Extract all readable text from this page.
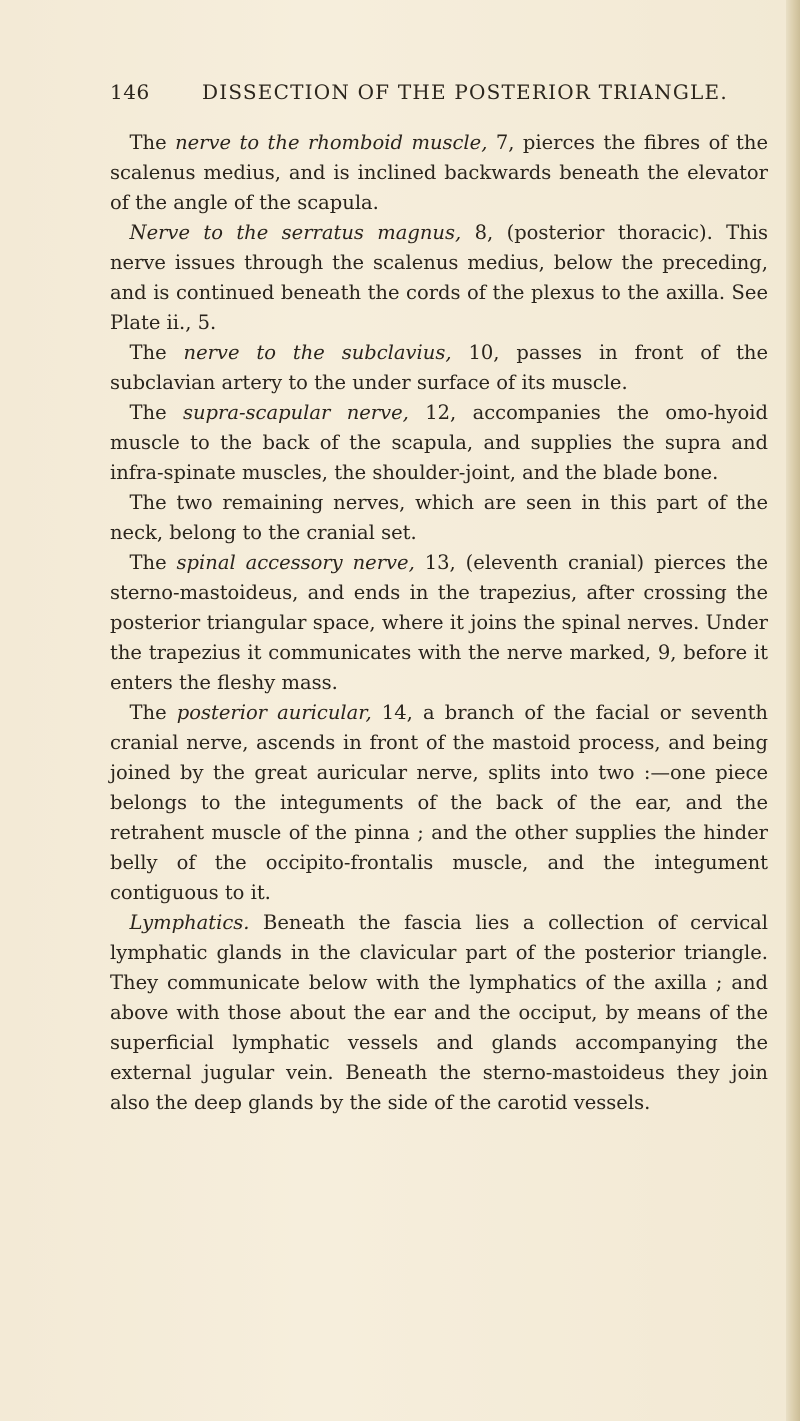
146	DISSECTION OF THE POSTERIOR TRIANGLE.

 The nerve to the rhomboid muscle, 7, pierces the fibres of the scalenus medius, and is inclined backwards beneath the elevator of the angle of the scapula.

 Nerve to the serratus magnus, 8, (posterior thoracic). This nerve issues through the scalenus medius, below the preceding, and is continued beneath the cords of the plexus to the axilla. See Plate ii., 5.

 The nerve to the subclavius, 10, passes in front of the subclavian artery to the under surface of its muscle.

 The supra-scapular nerve, 12, accompanies the omo-hyoid muscle to the back of the scapula, and supplies the supra and infra-spinate muscles, the shoulder-joint, and the blade bone.

 The two remaining nerves, which are seen in this part of the neck, belong to the cranial set.

 The spinal accessory nerve, 13, (eleventh cranial) pierces the sterno-mastoideus, and ends in the trapezius, after crossing the posterior triangular space, where it joins the spinal nerves. Under the trapezius it communicates with the nerve marked, 9, before it enters the fleshy mass.

 The posterior auricular, 14, a branch of the facial or seventh cranial nerve, ascends in front of the mastoid process, and being joined by the great auricular nerve, splits into two :—one piece belongs to the integuments of the back of the ear, and the retrahent muscle of the pinna ; and the other supplies the hinder belly of the occipito-frontalis muscle, and the integument contiguous to it.

 Lymphatics. Beneath the fascia lies a collection of cervical lymphatic glands in the clavicular part of the posterior triangle. They communicate below with the lymphatics of the axilla ; and above with those about the ear and the occiput, by means of the superficial lymphatic vessels and glands accompanying the external jugular vein. Beneath the sterno-mastoideus they join also the deep glands by the side of the carotid vessels.
